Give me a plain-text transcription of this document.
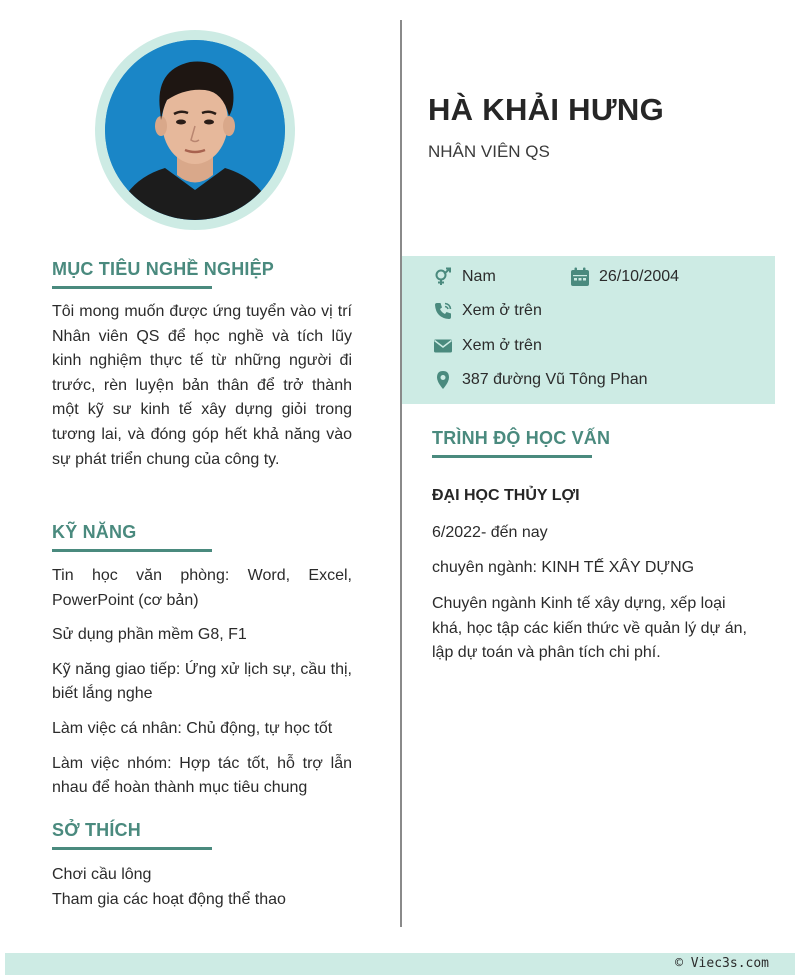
MỤC TIÊU NGHỀ NGHIỆP
Tôi mong muốn được ứng tuyển vào vị trí Nhân viên QS để học nghề và tích lũy kinh nghiệm thực tế từ những người đi trước, rèn luyện bản thân để trở thành một kỹ sư kinh tế xây dựng giỏi trong tương lai, và đóng góp hết khả năng vào sự phát triển chung của công ty.
KỸ NĂNG
Tin học văn phòng: Word, Excel, PowerPoint (cơ bản)
Sử dụng phần mềm G8, F1
Kỹ năng giao tiếp: Ứng xử lịch sự, cầu thị, biết lắng nghe
Làm việc cá nhân: Chủ động, tự học tốt
Làm việc nhóm: Hợp tác tốt, hỗ trợ lẫn nhau để hoàn thành mục tiêu chung
SỞ THÍCH
Chơi cầu lông
Tham gia các hoạt động thể thao
HÀ KHẢI HƯNG
NHÂN VIÊN QS
Nam	26/10/2004
Xem ở trên
Xem ở trên
387 đường Vũ Tông Phan
TRÌNH ĐỘ HỌC VẤN
ĐẠI HỌC THỦY LỢI
6/2022- đến nay
chuyên ngành: KINH TẾ XÂY DỰNG
Chuyên ngành Kinh tế xây dựng, xếp loại khá, học tập các kiến thức về quản lý dự án, lập dự toán và phân tích chi phí.
© Viec3s.com
